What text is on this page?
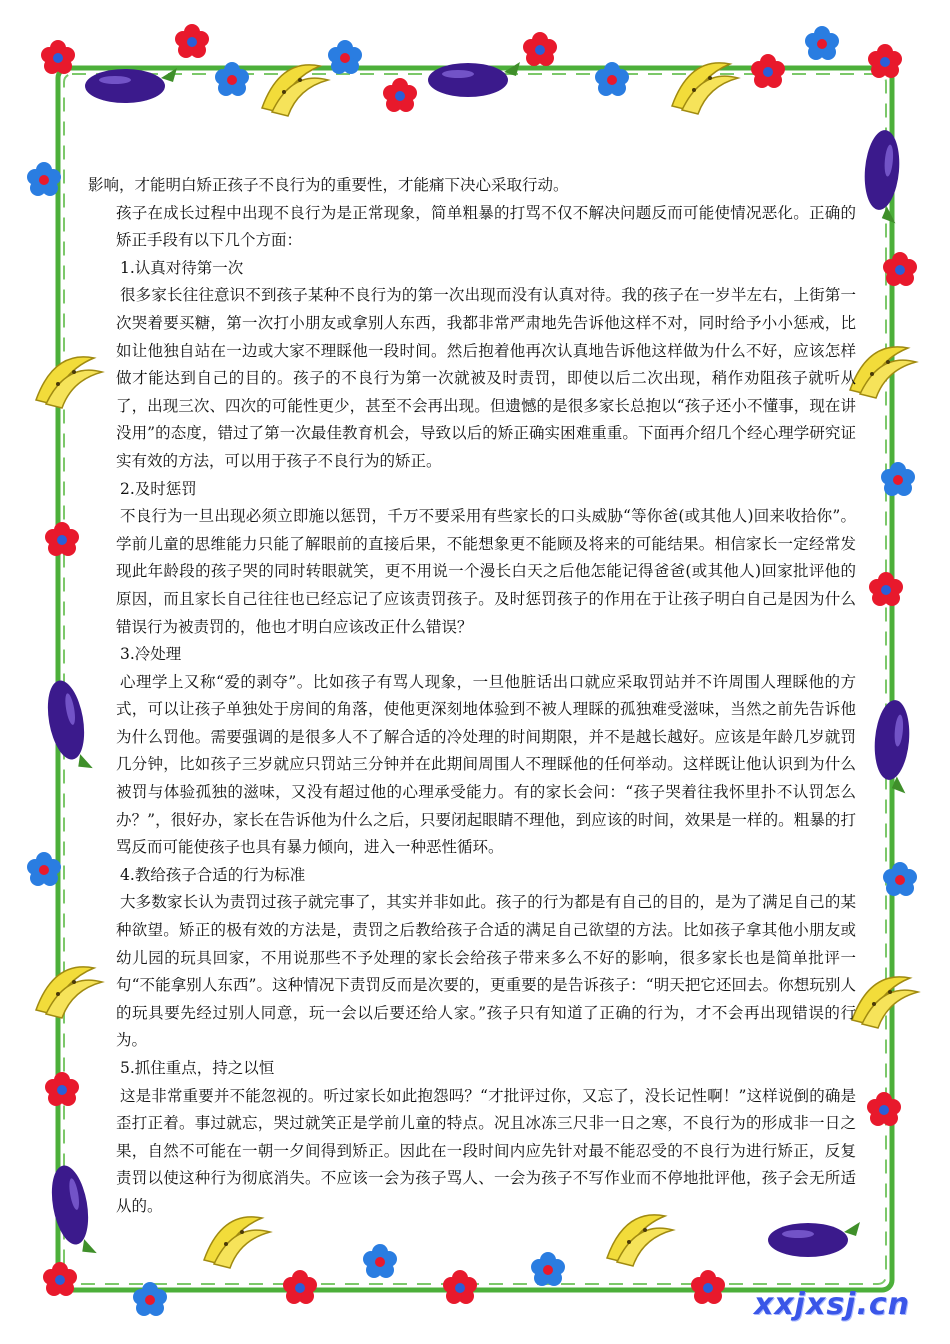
影响，才能明白矫正孩子不良行为的重要性，才能痛下决心采取行动。

孩子在成长过程中出现不良行为是正常现象，简单粗暴的打骂不仅不解决问题反而可能使情况恶化。正确的矫正手段有以下几个方面：

1.认真对待第一次

很多家长往往意识不到孩子某种不良行为的第一次出现而没有认真对待。我的孩子在一岁半左右，上街第一次哭着要买糖，第一次打小朋友或拿别人东西，我都非常严肃地先告诉他这样不对，同时给予小小惩戒，比如让他独自站在一边或大家不理睬他一段时间。然后抱着他再次认真地告诉他这样做为什么不好，应该怎样做才能达到自己的目的。孩子的不良行为第一次就被及时责罚，即使以后二次出现，稍作劝阻孩子就听从了，出现三次、四次的可能性更少，甚至不会再出现。但遗憾的是很多家长总抱以“孩子还小不懂事，现在讲没用”的态度，错过了第一次最佳教育机会，导致以后的矫正确实困难重重。下面再介绍几个经心理学研究证实有效的方法，可以用于孩子不良行为的矫正。

2.及时惩罚

不良行为一旦出现必须立即施以惩罚，千万不要采用有些家长的口头威胁“等你爸(或其他人)回来收拾你”。学前儿童的思维能力只能了解眼前的直接后果，不能想象更不能顾及将来的可能结果。相信家长一定经常发现此年龄段的孩子哭的同时转眼就笑，更不用说一个漫长白天之后他怎能记得爸爸(或其他人)回家批评他的原因，而且家长自己往往也已经忘记了应该责罚孩子。及时惩罚孩子的作用在于让孩子明白自己是因为什么错误行为被责罚的，他也才明白应该改正什么错误？

3.冷处理

心理学上又称“爱的剥夺”。比如孩子有骂人现象，一旦他脏话出口就应采取罚站并不许周围人理睬他的方式，可以让孩子单独处于房间的角落，使他更深刻地体验到不被人理睬的孤独难受滋味，当然之前先告诉他为什么罚他。需要强调的是很多人不了解合适的冷处理的时间期限，并不是越长越好。应该是年龄几岁就罚几分钟，比如孩子三岁就应只罚站三分钟并在此期间周围人不理睬他的任何举动。这样既让他认识到为什么被罚与体验孤独的滋味，又没有超过他的心理承受能力。有的家长会问：“孩子哭着往我怀里扑不认罚怎么办？”，很好办，家长在告诉他为什么之后，只要闭起眼睛不理他，到应该的时间，效果是一样的。粗暴的打骂反而可能使孩子也具有暴力倾向，进入一种恶性循环。

4.教给孩子合适的行为标准

大多数家长认为责罚过孩子就完事了，其实并非如此。孩子的行为都是有自己的目的，是为了满足自己的某种欲望。矫正的极有效的方法是，责罚之后教给孩子合适的满足自己欲望的方法。比如孩子拿其他小朋友或幼儿园的玩具回家，不用说那些不予处理的家长会给孩子带来多么不好的影响，很多家长也是简单批评一句“不能拿别人东西”。这种情况下责罚反而是次要的，更重要的是告诉孩子：“明天把它还回去。你想玩别人的玩具要先经过别人同意，玩一会以后要还给人家。”孩子只有知道了正确的行为，才不会再出现错误的行为。

5.抓住重点，持之以恒

这是非常重要并不能忽视的。听过家长如此抱怨吗？“才批评过你，又忘了，没长记性啊！”这样说倒的确是歪打正着。事过就忘，哭过就笑正是学前儿童的特点。况且冰冻三尺非一日之寒，不良行为的形成非一日之果，自然不可能在一朝一夕间得到矫正。因此在一段时间内应先针对最不能忍受的不良行为进行矫正，反复责罚以使这种行为彻底消失。不应该一会为孩子骂人、一会为孩子不写作业而不停地批评他，孩子会无所适从的。

xxjxsj.cn
